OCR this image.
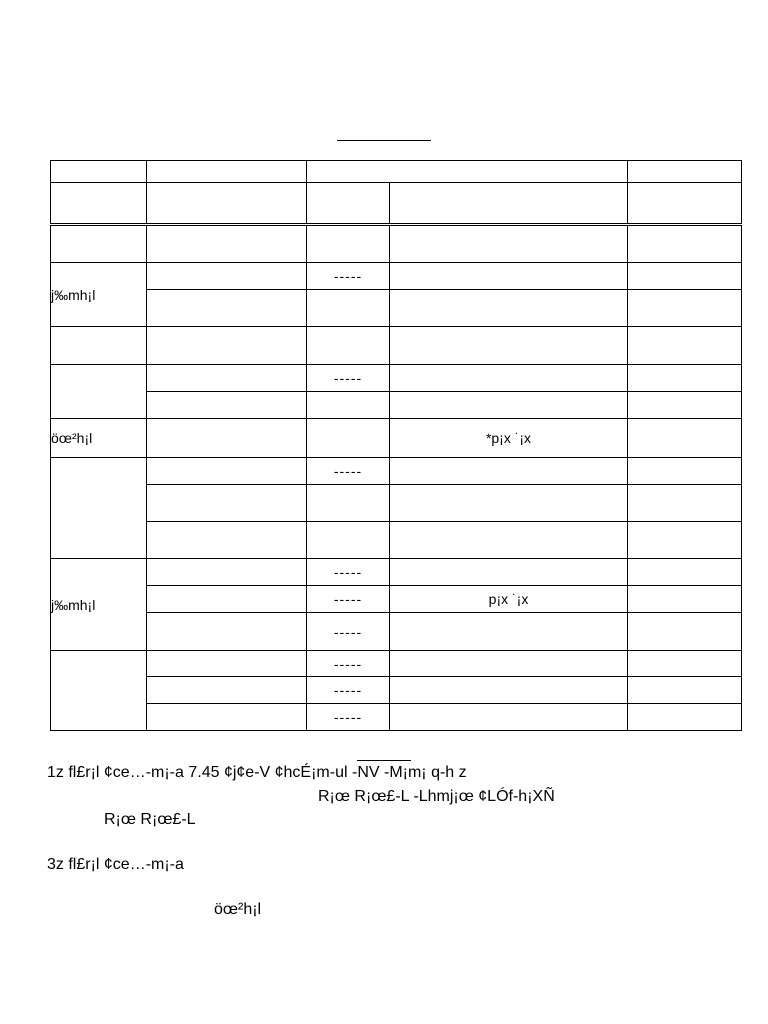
j‰mh¡l		-----		

		-----		

öœ²h¡l			*p¡x ˙¡x	
		-----		

j‰mh¡l		-----		
		-----	p¡x ˙¡x	
		-----		
		-----		
		-----		
		-----		
1z fl£r¡l ¢ce…-m¡-a 7.45 ¢j¢e-V ¢hcÉ¡m-ul -NV -M¡m¡ q-h z
R¡œ R¡œ£-L -Lhmj¡œ ¢LÓf-h¡XÑ
R¡œ R¡œ£-L
3z fl£r¡l ¢ce…-m¡-a
öœ²h¡l
